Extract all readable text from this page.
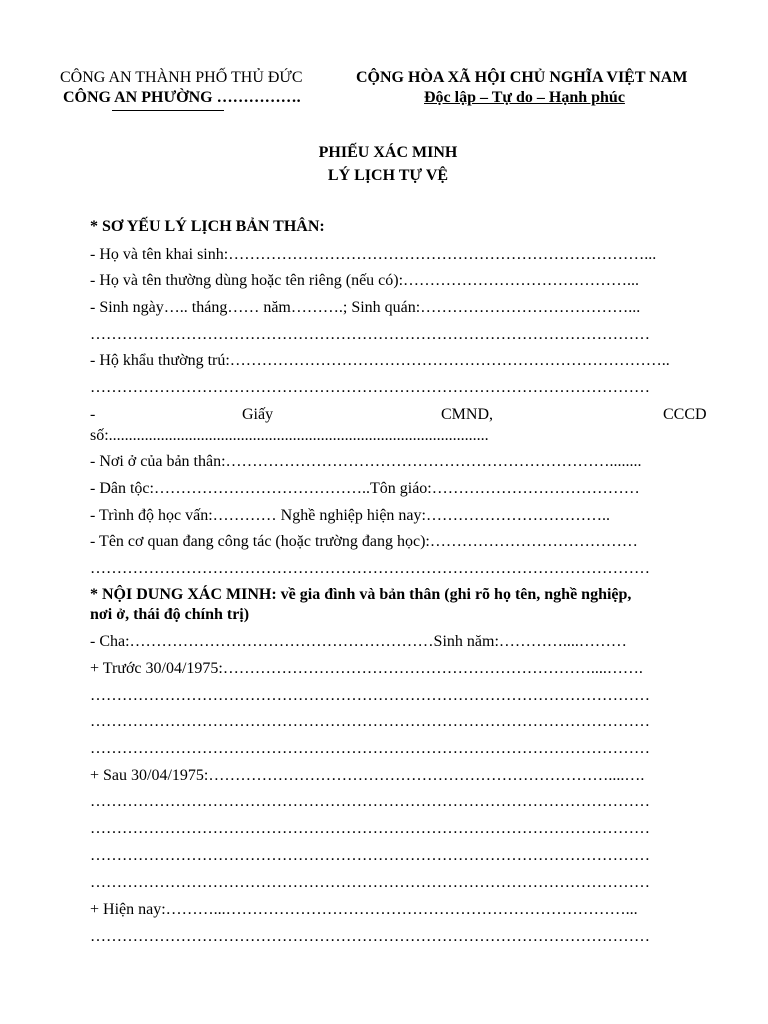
CÔNG AN THÀNH PHỐ THỦ ĐỨC
CÔNG AN PHƯỜNG …………….
CỘNG HÒA XÃ HỘI CHỦ NGHĨA VIỆT NAM
Độc lập – Tự do – Hạnh phúc
PHIẾU XÁC MINH
LÝ LỊCH TỰ VỆ
* SƠ YẾU LÝ LỊCH BẢN THÂN:
- Họ và tên khai sinh:……………………………………………………………………...
- Họ và tên thường dùng hoặc tên riêng (nếu có):……………………………………...
- Sinh ngày….. tháng…… năm……….; Sinh quán:…………………………………...
……………………………………………………………………………………………
- Hộ khẩu thường trú:………………………………………………………………………..
……………………………………………………………………………………………
-	Giấy	CMND,	CCCD
số:...............................................................................................
- Nơi ở của bản thân:………………………………………………………………........
- Dân tộc:…………………………………..Tôn giáo:…………………………………
- Trình độ học vấn:………… Nghề nghiệp hiện nay:……………………………..
- Tên cơ quan đang công tác (hoặc trường đang học):…………………………………
……………………………………………………………………………………………
* NỘI DUNG XÁC MINH: về gia đình và bản thân (ghi rõ họ tên, nghề nghiệp,
nơi ở, thái độ chính trị)
- Cha:…………………………………………………Sinh năm:…………....………
+ Trước 30/04/1975:……………………………………………………………....…….
……………………………………………………………………………………………
……………………………………………………………………………………………
……………………………………………………………………………………………
+ Sau 30/04/1975:…………………………………………………………………....….
……………………………………………………………………………………………
……………………………………………………………………………………………
……………………………………………………………………………………………
……………………………………………………………………………………………
+ Hiện nay:………...…………………………………………………………………...
……………………………………………………………………………………………
